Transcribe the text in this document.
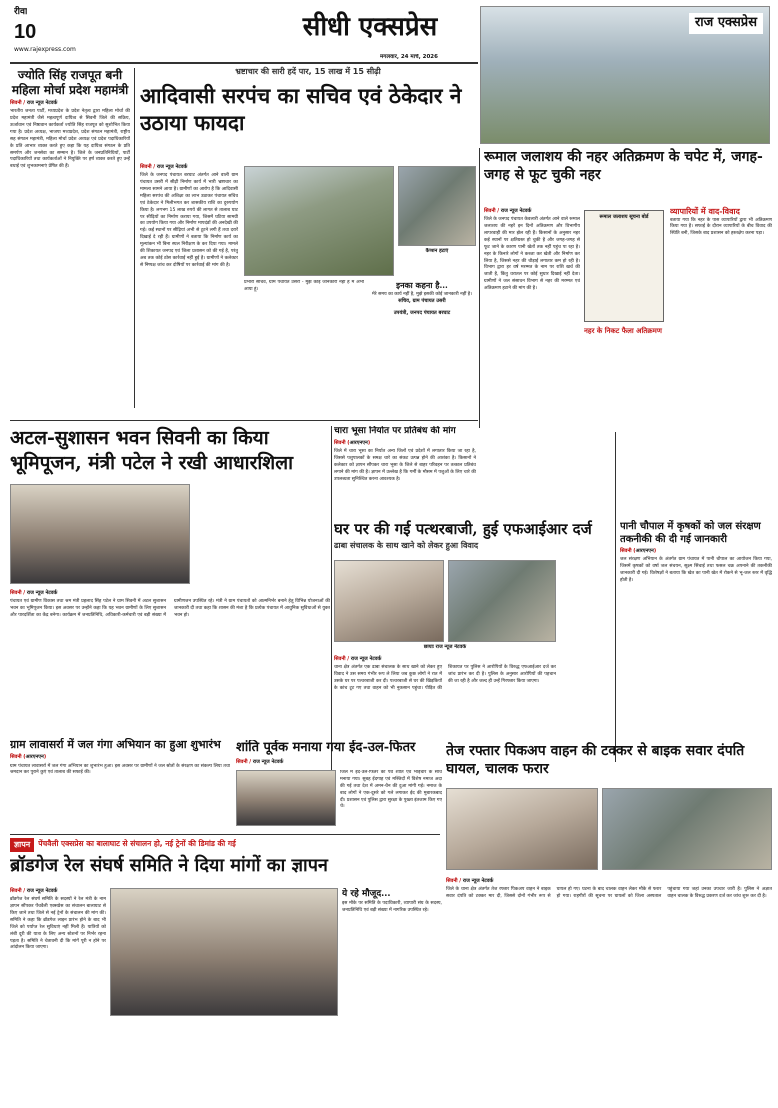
रीवा
10
www.rajexpress.com
सीधी एक्सप्रेस
मंगलवार, 24 मार्च, 2026
राज एक्सप्रेस
ज्योति सिंह राजपूत बनी महिला मोर्चा प्रदेश महामंत्री
सिवनी / राज न्यूज नेटवर्क
भारतीय जनता पार्टी, मध्यप्रदेश के प्रदेश नेतृत्व द्वारा महिला मोर्चा की प्रदेश महामंत्री जैसे महत्वपूर्ण दायित्व से सिवनी जिले की सक्रिय, ऊर्जावान एवं निष्ठावान कार्यकर्ता ज्योति सिंह राजपूत को सुशोभित किया गया है। प्रदेश अध्यक्ष, भाजपा मध्यप्रदेश, प्रदेश संगठन महामंत्री, राष्ट्रीय सह संगठन महामंत्री, महिला मोर्चा प्रदेश अध्यक्ष एवं प्रदेश पदाधिकारियों के प्रति आभार व्यक्त करते हुए कहा कि यह दायित्व संगठन के प्रति समर्पण और जनसेवा का सम्मान है। जिले के जनप्रतिनिधियों, पार्टी पदाधिकारियों तथा कार्यकर्ताओं ने नियुक्ति पर हर्ष व्यक्त करते हुए उन्हें बधाई एवं शुभकामनाएं प्रेषित की हैं।
भ्रष्टाचार की सारी हदें पार, 15 लाख में 15 सीढ़ी
आदिवासी सरपंच का सचिव एवं ठेकेदार ने उठाया फायदा
सिवनी / राज न्यूज नेटवर्क
जिले के जनपद पंचायत बरघाट अंतर्गत आने वाली ग्राम पंचायत उसरी में सीढ़ी निर्माण कार्य में भारी भ्रष्टाचार का मामला सामने आया है। ग्रामीणों का आरोप है कि आदिवासी महिला सरपंच की अशिक्षा का लाभ उठाकर पंचायत सचिव एवं ठेकेदार ने मिलीभगत कर शासकीय राशि का दुरुपयोग किया है। लगभग 15 लाख रुपये की लागत से तालाब घाट पर सीढ़ियों का निर्माण कराया गया, जिसमें घटिया सामग्री का उपयोग किया गया और निर्माण मापदंडों की अनदेखी की गई। कई स्थानों पर सीढ़ियां अभी से टूटने लगी हैं तथा दरारें दिखाई दे रही हैं। ग्रामीणों ने बताया कि निर्माण कार्य का मूल्यांकन भी बिना स्थल निरीक्षण के कर दिया गया। मामले की शिकायत जनपद एवं जिला प्रशासन को की गई है, परंतु अब तक कोई ठोस कार्रवाई नहीं हुई है। ग्रामीणों ने कलेक्टर से निष्पक्ष जांच कर दोषियों पर कार्रवाई की मांग की है।
कैप्शन हटाएं
प्रभारी सचिव, ग्राम पंचायत उसरी - मुझे कोई जानकारी नहीं है मैं अभी आया हूं।	इनका कहना है...
मेरे समय का कार्य नहीं है, मुझे इसकी कोई जानकारी नहीं है।
सचिव, ग्राम पंचायत उसरी
उपयंत्री, जनपद पंचायत बरघाट
रूमाल जलाशय की नहर अतिक्रमण के चपेट में, जगह-जगह से फूट चुकी नहर
सिवनी / राज न्यूज नेटवर्क
जिले के जनपद पंचायत केवलारी अंतर्गत आने वाले रूमाल जलाशय की नहरें इन दिनों अतिक्रमण और विभागीय लापरवाही की मार झेल रही हैं। किसानों के अनुसार नहर कई स्थानों पर क्षतिग्रस्त हो चुकी है और जगह-जगह से फूट जाने के कारण पानी खेतों तक नहीं पहुंच पा रहा है। नहर के किनारे लोगों ने कब्जा कर खेती और निर्माण कर लिया है, जिससे नहर की चौड़ाई लगातार कम हो रही है। विभाग द्वारा हर वर्ष मरम्मत के नाम पर राशि खर्च की जाती है, किंतु धरातल पर कोई सुधार दिखाई नहीं देता। ग्रामीणों ने जल संसाधन विभाग से नहर की मरम्मत एवं अतिक्रमण हटाने की मांग की है।
रूमाल जलाशय सूचना बोर्ड
नहर के निकट फैला अतिक्रमण
व्यापारियों में वाद-विवाद
बताया गया कि नहर के पास व्यापारियों द्वारा भी अतिक्रमण किया गया है। सफाई के दौरान व्यापारियों के बीच विवाद की स्थिति बनी, जिसके बाद प्रशासन को हस्तक्षेप करना पड़ा।
अटल-सुशासन भवन सिवनी का किया भूमिपूजन, मंत्री पटेल ने रखी आधारशिला
सिवनी / राज न्यूज नेटवर्क
पंचायत एवं ग्रामीण विकास तथा श्रम मंत्री प्रहलाद सिंह पटेल ने ग्राम सिवनी में अटल सुशासन भवन का भूमिपूजन किया। इस अवसर पर उन्होंने कहा कि यह भवन ग्रामीणों के लिए सुशासन और पारदर्शिता का केंद्र बनेगा। कार्यक्रम में जनप्रतिनिधि, अधिकारी-कर्मचारी एवं बड़ी संख्या में ग्रामीणजन उपस्थित रहे। मंत्री ने ग्राम पंचायतों को आत्मनिर्भर बनाने हेतु विभिन्न योजनाओं की जानकारी दी तथा कहा कि शासन की मंशा है कि प्रत्येक पंचायत में आधुनिक सुविधाओं से युक्त भवन हो।
चारा भूसा निर्यात पर प्रतिबंध की मांग
सिवनी (आरएनएन)
जिले में चारा भूसा का निर्यात अन्य जिलों एवं प्रदेशों में लगातार किया जा रहा है, जिससे पशुपालकों के समक्ष चारे का संकट उत्पन्न होने की आशंका है। किसानों ने कलेक्टर को ज्ञापन सौंपकर चारा भूसा के जिले से बाहर परिवहन पर तत्काल प्रतिबंध लगाने की मांग की है। ज्ञापन में उल्लेख है कि गर्मी के मौसम में पशुओं के लिए चारे की उपलब्धता सुनिश्चित करना आवश्यक है।
घर पर की गई पत्थरबाजी, हुई एफआईआर दर्ज
ढाबा संचालक के साथ खाने को लेकर हुआ विवाद
छायाः राज न्यूज नेटवर्क
सिवनी / राज न्यूज नेटवर्क
थाना क्षेत्र अंतर्गत एक ढाबा संचालक के साथ खाने को लेकर हुए विवाद ने उस समय गंभीर रूप ले लिया जब कुछ लोगों ने रात में उसके घर पर पत्थरबाजी कर दी। पत्थरबाजी से घर की खिड़कियों के कांच टूट गए तथा वाहन को भी नुकसान पहुंचा। पीड़ित की शिकायत पर पुलिस ने आरोपियों के विरुद्ध एफआईआर दर्ज कर जांच प्रारंभ कर दी है। पुलिस के अनुसार आरोपियों की पहचान की जा रही है और जल्द ही उन्हें गिरफ्तार किया जाएगा।
पानी चौपाल में कृषकों को जल संरक्षण तकनीकी की दी गई जानकारी
सिवनी (आरएनएन)
जल संरक्षण अभियान के अंतर्गत ग्राम पंचायत में पानी चौपाल का आयोजन किया गया, जिसमें कृषकों को वर्षा जल संचयन, सूक्ष्म सिंचाई तथा फसल चक्र अपनाने की तकनीकी जानकारी दी गई। विशेषज्ञों ने बताया कि खेत का पानी खेत में रोकने से भू-जल स्तर में वृद्धि होती है।
ग्राम लावासर्रा में जल गंगा अभियान का हुआ शुभारंभ
सिवनी (आरएनएन)
ग्राम पंचायत लावासर्रा में जल गंगा अभियान का शुभारंभ हुआ। इस अवसर पर ग्रामीणों ने जल स्रोतों के संरक्षण का संकल्प लिया तथा श्रमदान कर पुराने कुएं एवं तालाब की सफाई की।
शांति पूर्वक मनाया गया ईद-उल-फितर
सिवनी / राज न्यूज नेटवर्क
जिले में ईद-उल-फितर का पर्व शांति एवं भाईचारे के साथ मनाया गया। सुबह ईदगाह एवं मस्जिदों में विशेष नमाज अदा की गई तथा देश में अमन-चैन की दुआ मांगी गई। नमाज के बाद लोगों ने एक-दूसरे को गले लगाकर ईद की मुबारकबाद दी। प्रशासन एवं पुलिस द्वारा सुरक्षा के पुख्ता इंतजाम किए गए थे।
तेज रफ्तार पिकअप वाहन की टक्कर से बाइक सवार दंपति घायल, चालक फरार
सिवनी / राज न्यूज नेटवर्क
जिले के थाना क्षेत्र अंतर्गत तेज रफ्तार पिकअप वाहन ने बाइक सवार दंपति को टक्कर मार दी, जिससे दोनों गंभीर रूप से घायल हो गए। घटना के बाद चालक वाहन लेकर मौके से फरार हो गया। राहगीरों की सूचना पर घायलों को जिला अस्पताल पहुंचाया गया जहां उनका उपचार जारी है। पुलिस ने अज्ञात वाहन चालक के विरुद्ध प्रकरण दर्ज कर जांच शुरू कर दी है।
ज्ञापन	पेंचवैली एक्सप्रेस का बालाघाट से संचालन हो, नई ट्रेनों की डिमांड की गई
ब्रॉडगेज रेल संघर्ष समिति ने दिया मांगों का ज्ञापन
सिवनी / राज न्यूज नेटवर्क
ब्रॉडगेज रेल संघर्ष समिति के सदस्यों ने रेल मंत्री के नाम ज्ञापन सौंपकर पेंचवैली एक्सप्रेस का संचालन बालाघाट से किए जाने तथा जिले से नई ट्रेनों के संचालन की मांग की। समिति ने कहा कि ब्रॉडगेज लाइन प्रारंभ होने के बाद भी जिले को पर्याप्त रेल सुविधाएं नहीं मिली हैं। यात्रियों को लंबी दूरी की यात्रा के लिए अन्य स्टेशनों पर निर्भर रहना पड़ता है। समिति ने चेतावनी दी कि मांगें पूरी न होने पर आंदोलन किया जाएगा।
ये रहे मौजूद...
इस मौके पर समिति के पदाधिकारी, व्यापारी संघ के सदस्य, जनप्रतिनिधि एवं बड़ी संख्या में नागरिक उपस्थित रहे।
